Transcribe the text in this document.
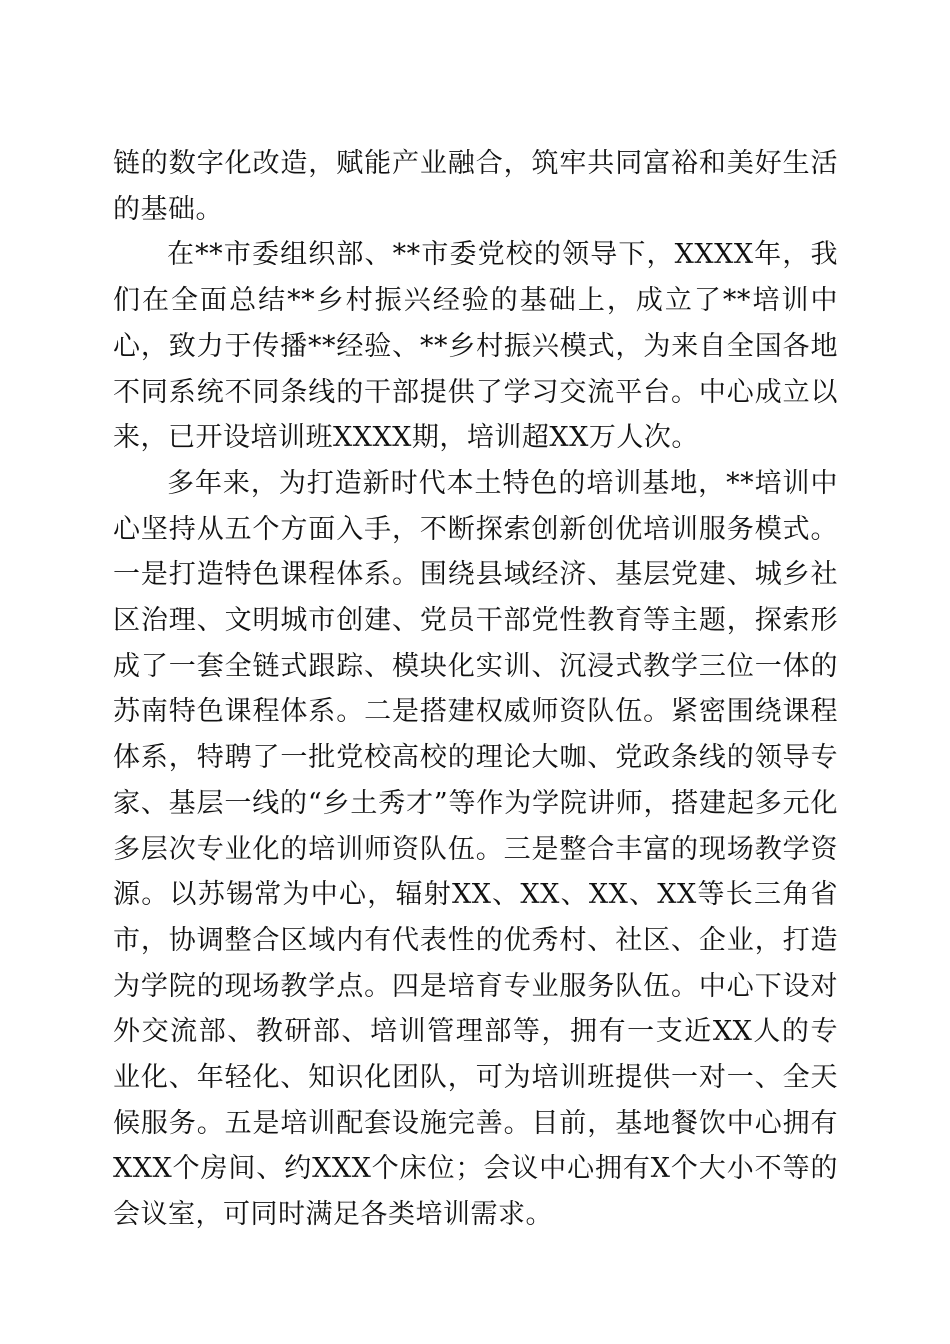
链的数字化改造，赋能产业融合，筑牢共同富裕和美好生活的基础。

在**市委组织部、**市委党校的领导下，XXXX年，我们在全面总结**乡村振兴经验的基础上，成立了**培训中心，致力于传播**经验、**乡村振兴模式，为来自全国各地不同系统不同条线的干部提供了学习交流平台。中心成立以来，已开设培训班XXXX期，培训超XX万人次。

多年来，为打造新时代本土特色的培训基地，**培训中心坚持从五个方面入手，不断探索创新创优培训服务模式。一是打造特色课程体系。围绕县域经济、基层党建、城乡社区治理、文明城市创建、党员干部党性教育等主题，探索形成了一套全链式跟踪、模块化实训、沉浸式教学三位一体的苏南特色课程体系。二是搭建权威师资队伍。紧密围绕课程体系，特聘了一批党校高校的理论大咖、党政条线的领导专家、基层一线的“乡土秀才”等作为学院讲师，搭建起多元化多层次专业化的培训师资队伍。三是整合丰富的现场教学资源。以苏锡常为中心，辐射XX、XX、XX、XX等长三角省市，协调整合区域内有代表性的优秀村、社区、企业，打造为学院的现场教学点。四是培育专业服务队伍。中心下设对外交流部、教研部、培训管理部等，拥有一支近XX人的专业化、年轻化、知识化团队，可为培训班提供一对一、全天候服务。五是培训配套设施完善。目前，基地餐饮中心拥有XXX个房间、约XXX个床位；会议中心拥有X个大小不等的会议室，可同时满足各类培训需求。
